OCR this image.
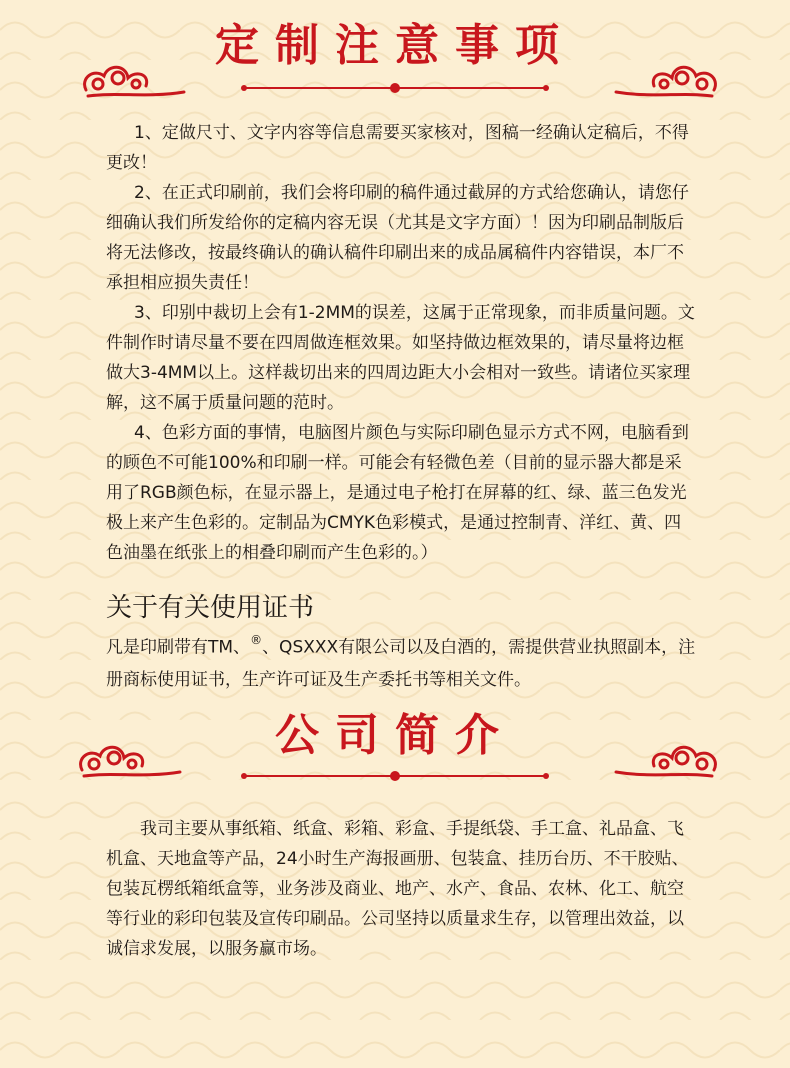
定制注意事项

1、定做尺寸、文字内容等信息需要买家核对，图稿一经确认定稿后，不得更改！

2、在正式印刷前，我们会将印刷的稿件通过截屏的方式给您确认，请您仔细确认我们所发给你的定稿内容无误（尤其是文字方面）！因为印刷品制版后将无法修改，按最终确认的确认稿件印刷出来的成品属稿件内容错误，本厂不承担相应损失责任！

3、印别中裁切上会有1-2MM的误差，这属于正常现象，而非质量问题。文件制作时请尽量不要在四周做连框效果。如坚持做边框效果的，请尽量将边框做大3-4MM以上。这样裁切出来的四周边距大小会相对一致些。请诸位买家理解，这不属于质量问题的范时。

4、色彩方面的事情，电脑图片颜色与实际印刷色显示方式不网，电脑看到的顾色不可能100%和印刷一样。可能会有轻微色差（目前的显示器大都是采用了RGB颜色标，在显示器上，是通过电子枪打在屏幕的红、绿、蓝三色发光极上来产生色彩的。定制品为CMYK色彩模式，是通过控制青、洋红、黄、四色油墨在纸张上的相叠印刷而产生色彩的。）

关于有关使用证书
凡是印刷带有TM、®、QSXXX有限公司以及白酒的，需提供营业执照副本，注册商标使用证书，生产许可证及生产委托书等相关文件。
公司简介

我司主要从事纸箱、纸盒、彩箱、彩盒、手提纸袋、手工盒、礼品盒、飞机盒、天地盒等产品，24小时生产海报画册、包装盒、挂历台历、不干胶贴、包装瓦楞纸箱纸盒等，业务涉及商业、地产、水产、食品、农林、化工、航空等行业的彩印包装及宣传印刷品。公司坚持以质量求生存，以管理出效益，以诚信求发展，以服务赢市场。
